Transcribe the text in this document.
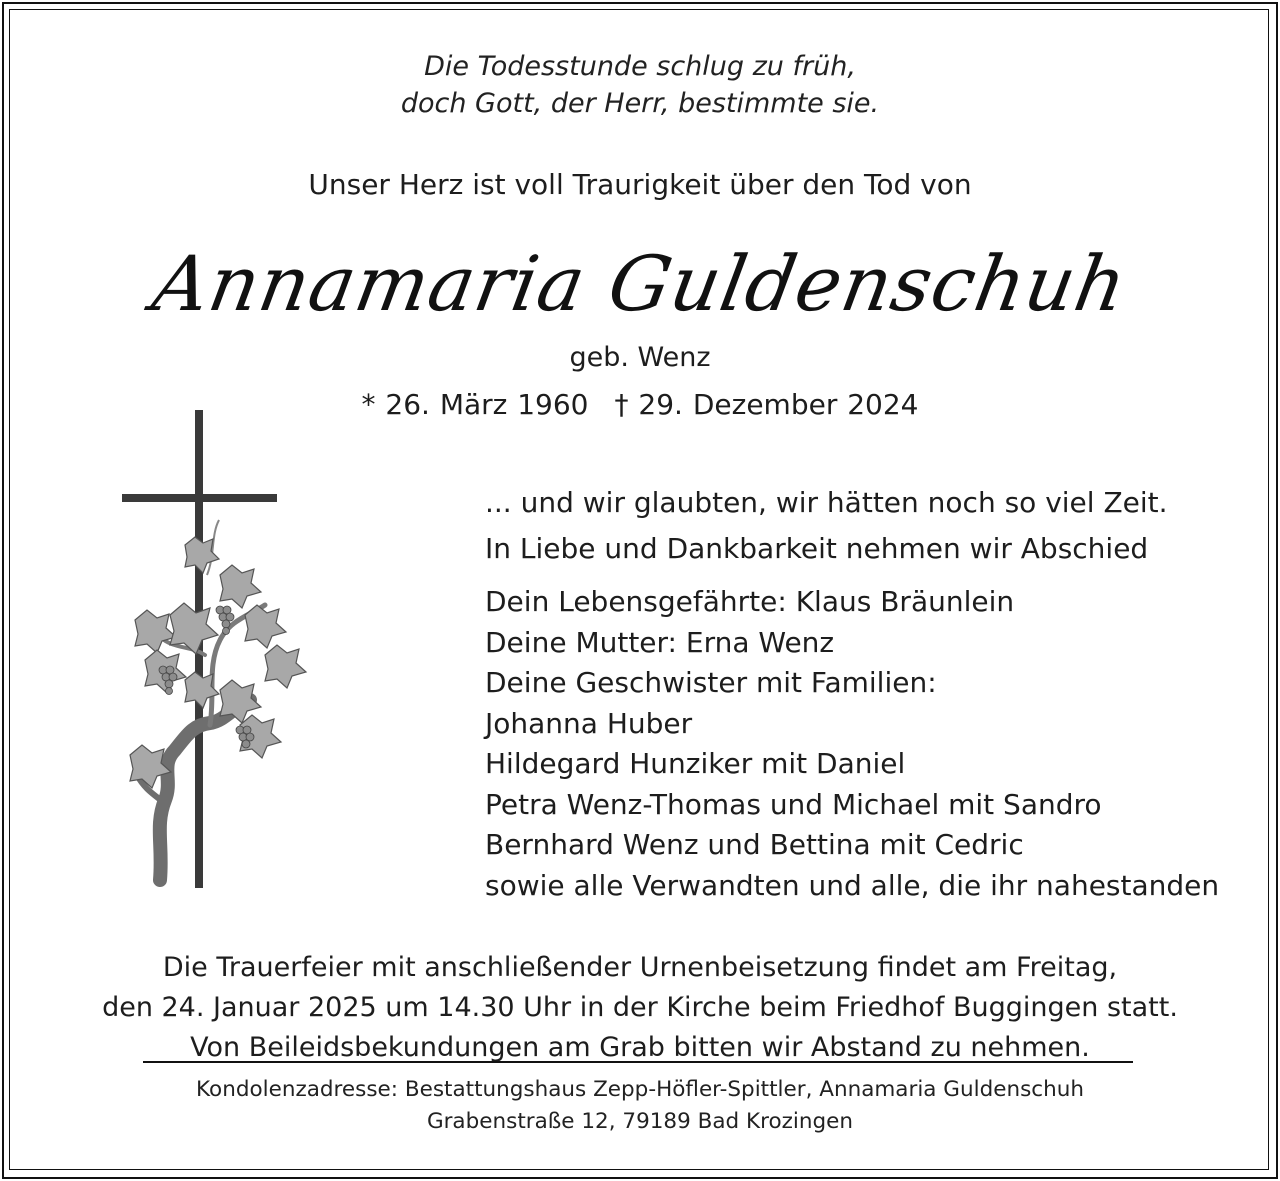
Die Todesstunde schlug zu früh,
doch Gott, der Herr, bestimmte sie.
Unser Herz ist voll Traurigkeit über den Tod von
Annamaria Guldenschuh
geb. Wenz
* 26. März 1960 † 29. Dezember 2024
... und wir glaubten, wir hätten noch so viel Zeit.
In Liebe und Dankbarkeit nehmen wir Abschied
Dein Lebensgefährte: Klaus Bräunlein
Deine Mutter: Erna Wenz
Deine Geschwister mit Familien:
Johanna Huber
Hildegard Hunziker mit Daniel
Petra Wenz-Thomas und Michael mit Sandro
Bernhard Wenz und Bettina mit Cedric
sowie alle Verwandten und alle, die ihr nahestanden
Die Trauerfeier mit anschließender Urnenbeisetzung findet am Freitag,
den 24. Januar 2025 um 14.30 Uhr in der Kirche beim Friedhof Buggingen statt.
Von Beileidsbekundungen am Grab bitten wir Abstand zu nehmen.
Kondolenzadresse: Bestattungshaus Zepp-Höfler-Spittler, Annamaria Guldenschuh
Grabenstraße 12, 79189 Bad Krozingen
